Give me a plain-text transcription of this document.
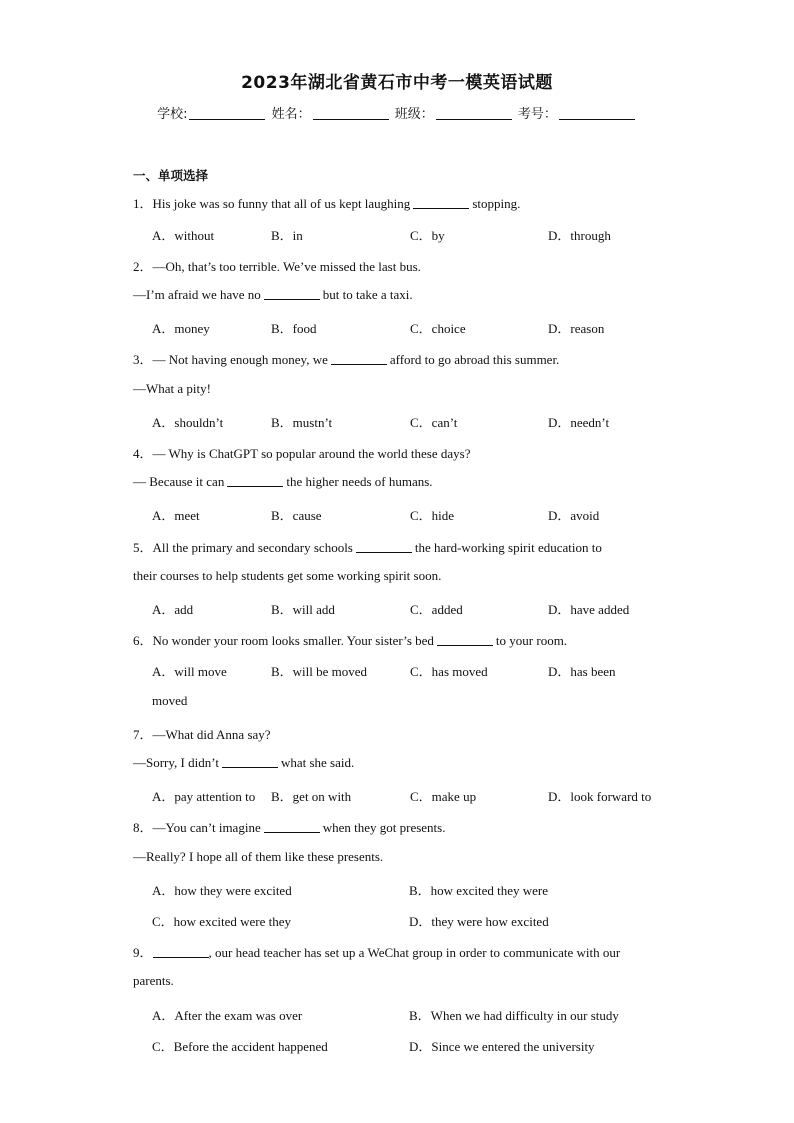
2023年湖北省黄石市中考一模英语试题
学校:	姓名：	班级：	考号：
一、单项选择
1．His joke was so funny that all of us kept laughing	stopping.
A．without	B．in	C．by	D．through
2．—Oh, that’s too terrible. We’ve missed the last bus.
—I’m afraid we have no	but to take a taxi.
A．money	B．food	C．choice	D．reason
3．— Not having enough money, we	afford to go abroad this summer.
—What a pity!
A．shouldn’t	B．mustn’t	C．can’t	D．needn’t
4．— Why is ChatGPT so popular around the world these days?
— Because it can	the higher needs of humans.
A．meet	B．cause	C．hide	D．avoid
5．All the primary and secondary schools	the hard-working spirit education to
their courses to help students get some working spirit soon.
A．add	B．will add	C．added	D．have added
6．No wonder your room looks smaller. Your sister’s bed	to your room.
A．will move	B．will be moved	C．has moved	D．has been
moved
7．—What did Anna say?
—Sorry, I didn’t	what she said.
A．pay attention to B．get on with	C．make up	D．look forward to
8．—You can’t imagine	when they got presents.
—Really? I hope all of them like these presents.
A．how they were excited	B．how excited they were
C．how excited were they	D．they were how excited
9．	, our head teacher has set up a WeChat group in order to communicate with our
parents.
A．After the exam was over	B．When we had difficulty in our study
C．Before the accident happened	D．Since we entered the university
